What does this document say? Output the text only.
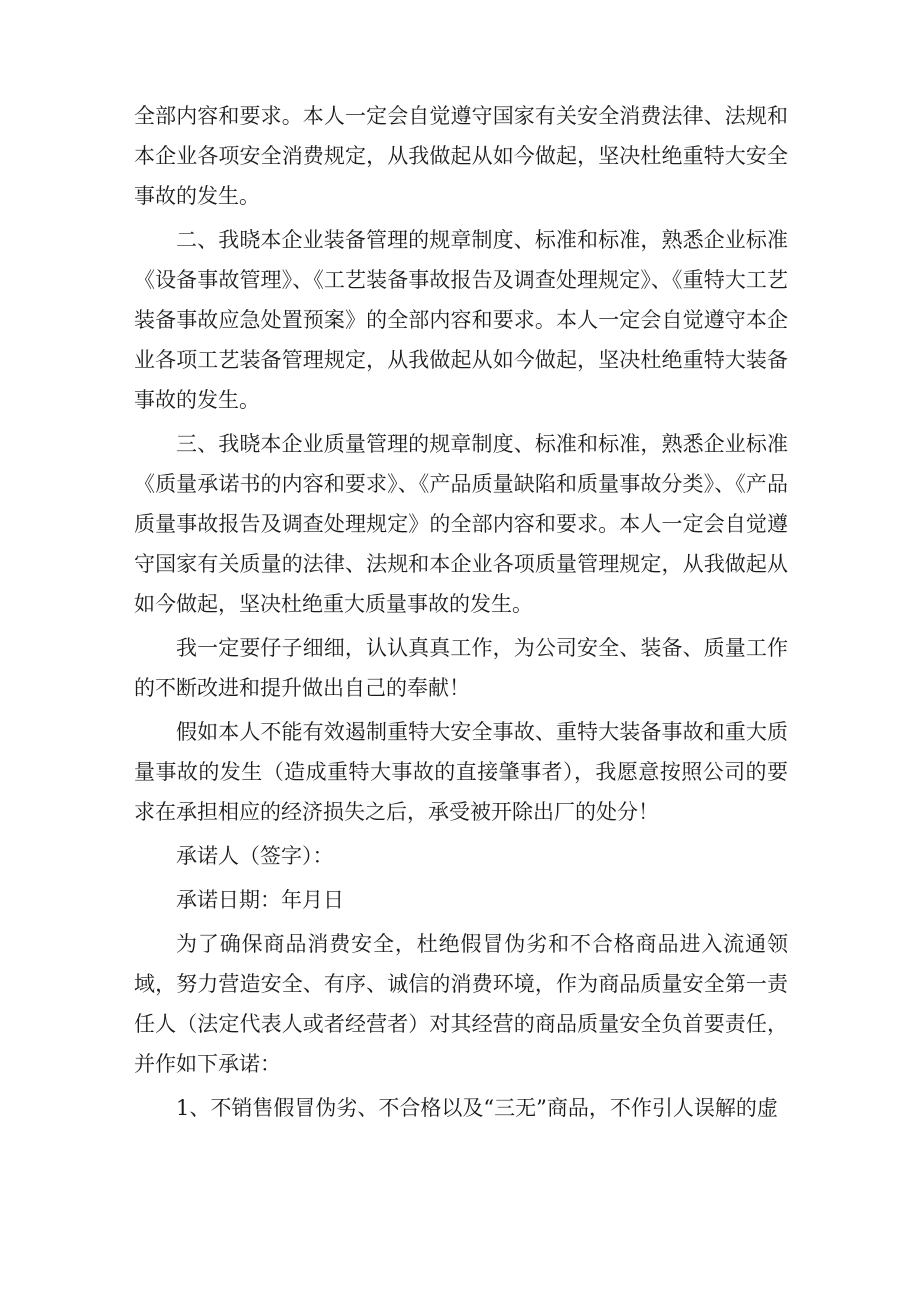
全部内容和要求。本人一定会自觉遵守国家有关安全消费法律、法规和本企业各项安全消费规定，从我做起从如今做起，坚决杜绝重特大安全事故的发生。

二、我晓本企业装备管理的规章制度、标准和标准，熟悉企业标准《设备事故管理》、《工艺装备事故报告及调查处理规定》、《重特大工艺装备事故应急处置预案》的全部内容和要求。本人一定会自觉遵守本企业各项工艺装备管理规定，从我做起从如今做起，坚决杜绝重特大装备事故的发生。

三、我晓本企业质量管理的规章制度、标准和标准，熟悉企业标准《质量承诺书的内容和要求》、《产品质量缺陷和质量事故分类》、《产品质量事故报告及调查处理规定》的全部内容和要求。本人一定会自觉遵守国家有关质量的法律、法规和本企业各项质量管理规定，从我做起从如今做起，坚决杜绝重大质量事故的发生。

我一定要仔子细细，认认真真工作，为公司安全、装备、质量工作的不断改进和提升做出自己的奉献！

假如本人不能有效遏制重特大安全事故、重特大装备事故和重大质量事故的发生（造成重特大事故的直接肇事者），我愿意按照公司的要求在承担相应的经济损失之后，承受被开除出厂的处分！

承诺人（签字）：

承诺日期：年月日

为了确保商品消费安全，杜绝假冒伪劣和不合格商品进入流通领域，努力营造安全、有序、诚信的消费环境，作为商品质量安全第一责任人（法定代表人或者经营者）对其经营的商品质量安全负首要责任，并作如下承诺：

1、不销售假冒伪劣、不合格以及“三无”商品，不作引人误解的虚
